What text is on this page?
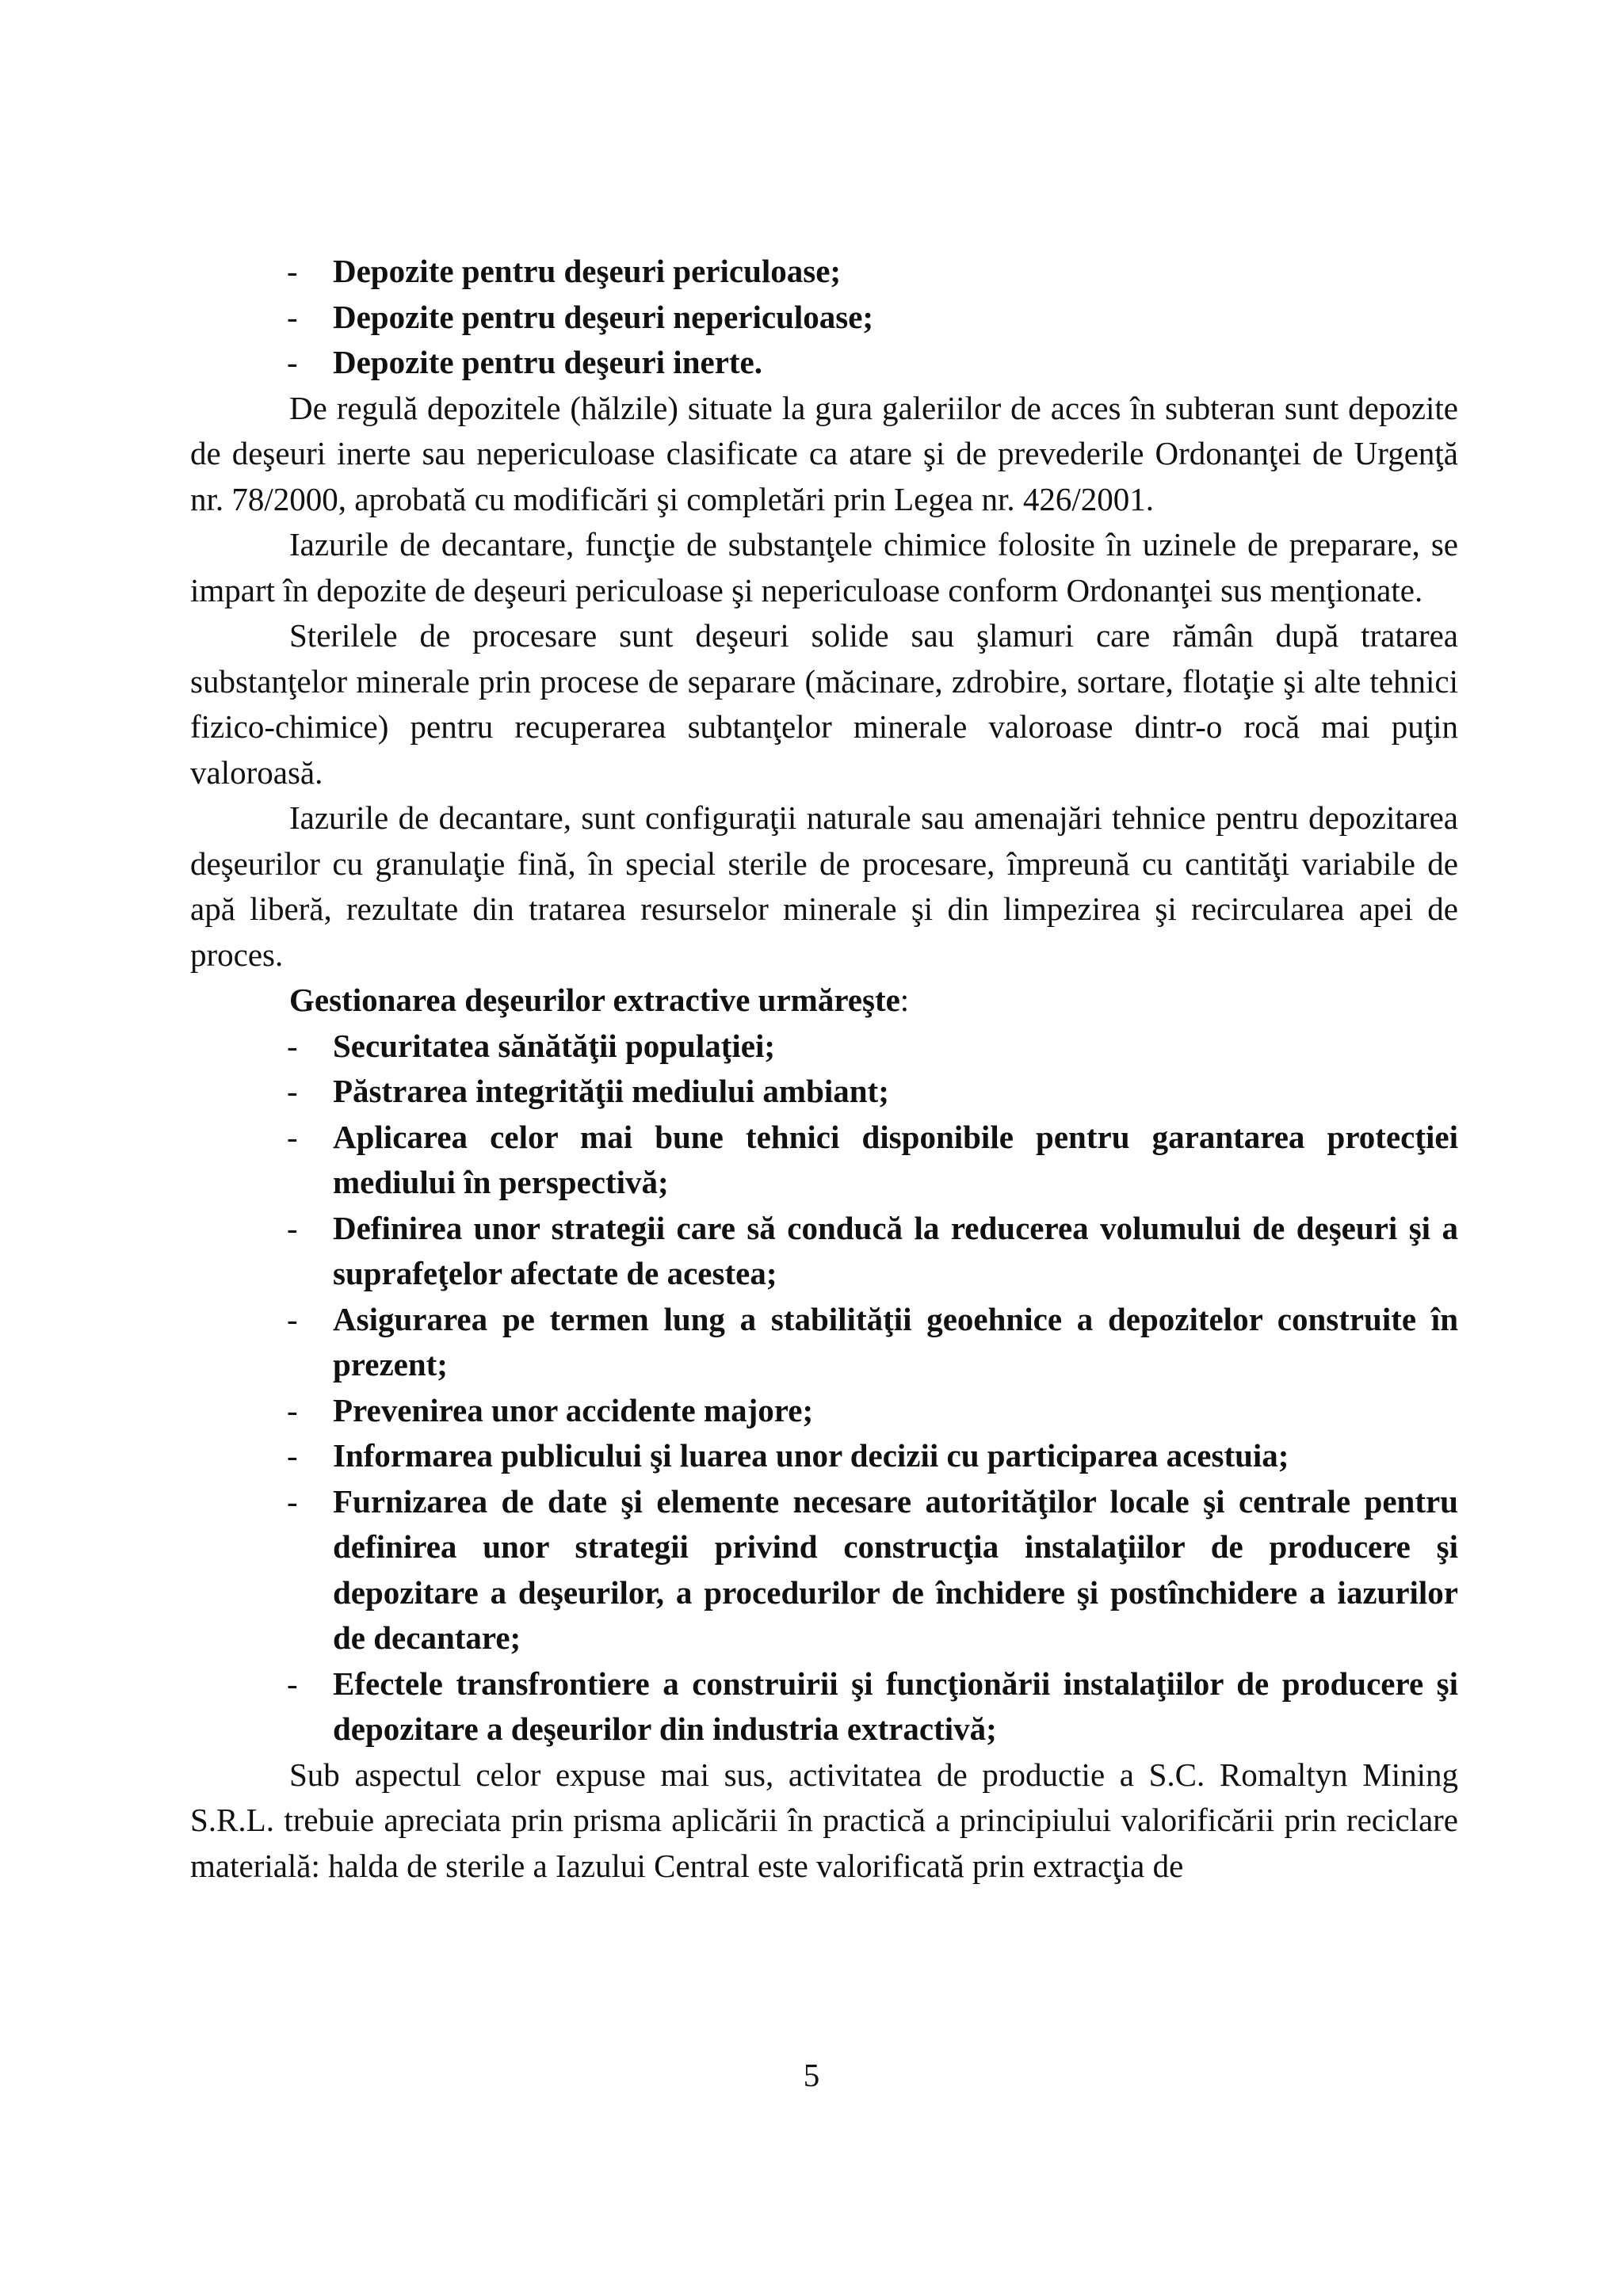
- Depozite pentru deşeuri periculoase;
- Depozite pentru deşeuri nepericuloase;
- Depozite pentru deşeuri inerte.

De regulă depozitele (hălzile) situate la gura galeriilor de acces în subteran sunt depozite de deşeuri inerte sau nepericuloase clasificate ca atare şi de prevederile Ordonanţei de Urgenţă nr. 78/2000, aprobată cu modificări şi completări prin Legea nr. 426/2001.

Iazurile de decantare, funcţie de substanţele chimice folosite în uzinele de preparare, se impart în depozite de deşeuri periculoase şi nepericuloase conform Ordonanţei sus menţionate.

Sterilele de procesare sunt deşeuri solide sau şlamuri care rămân după tratarea substanţelor minerale prin procese de separare (măcinare, zdrobire, sortare, flotaţie şi alte tehnici fizico-chimice) pentru recuperarea subtanţelor minerale valoroase dintr-o rocă mai puţin valoroasă.

Iazurile de decantare, sunt configuraţii naturale sau amenajări tehnice pentru depozitarea deşeurilor cu granulaţie fină, în special sterile de procesare, împreună cu cantităţi variabile de apă liberă, rezultate din tratarea resurselor minerale şi din limpezirea şi recircularea apei de proces.

Gestionarea deşeurilor extractive urmăreşte:

- Securitatea sănătăţii populaţiei;
- Păstrarea integrităţii mediului ambiant;
- Aplicarea celor mai bune tehnici disponibile pentru garantarea protecţiei mediului în perspectivă;
- Definirea unor strategii care să conducă la reducerea volumului de deşeuri şi a suprafeţelor afectate de acestea;
- Asigurarea pe termen lung a stabilităţii geoehnice a depozitelor construite în prezent;
- Prevenirea unor accidente majore;
- Informarea publicului şi luarea unor decizii cu participarea acestuia;
- Furnizarea de date şi elemente necesare autorităţilor locale şi centrale pentru definirea unor strategii privind construcţia instalaţiilor de producere şi depozitare a deşeurilor, a procedurilor de închidere şi postînchidere a iazurilor de decantare;
- Efectele transfrontiere a construirii şi funcţionării instalaţiilor de producere şi depozitare a deşeurilor din industria extractivă;

Sub aspectul celor expuse mai sus, activitatea de productie a S.C. Romaltyn Mining S.R.L. trebuie apreciata prin prisma aplicării în practică a principiului valorificării prin reciclare materială: halda de sterile a Iazului Central este valorificată prin extracţia de

5
